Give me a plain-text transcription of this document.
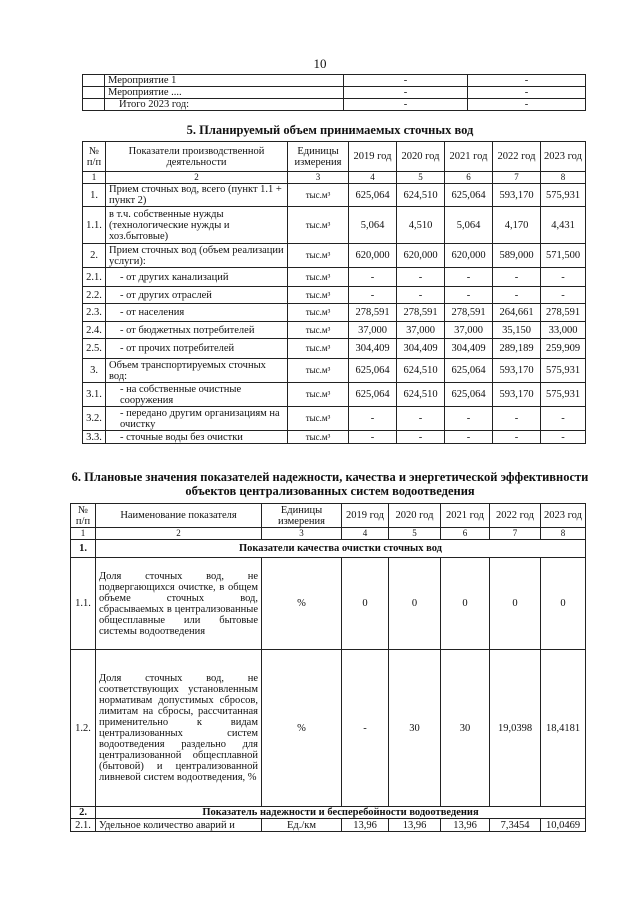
10
	Мероприятие 1	-	-
	Мероприятие ....	-	-
	Итого 2023 год:	-	-
5. Планируемый объем принимаемых сточных вод
№ п/п	Показатели производственной деятельности	Единицы измерения	2019 год	2020 год	2021 год	2022 год	2023 год
1	2	3	4	5	6	7	8
1.	Прием сточных вод, всего (пункт 1.1 + пункт 2)	тыс.м³	625,064	624,510	625,064	593,170	575,931
1.1.	в т.ч. собственные нужды (технологические нужды и хоз.бытовые)	тыс.м³	5,064	4,510	5,064	4,170	4,431
2.	Прием сточных вод (объем реализации услуги):	тыс.м³	620,000	620,000	620,000	589,000	571,500
2.1.	- от других канализаций	тыс.м³	-	-	-	-	-
2.2.	- от других отраслей	тыс.м³	-	-	-	-	-
2.3.	- от населения	тыс.м³	278,591	278,591	278,591	264,661	278,591
2.4.	- от бюджетных потребителей	тыс.м³	37,000	37,000	37,000	35,150	33,000
2.5.	- от прочих потребителей	тыс.м³	304,409	304,409	304,409	289,189	259,909
3.	Объем транспортируемых сточных вод:	тыс.м³	625,064	624,510	625,064	593,170	575,931
3.1.	- на собственные очистные сооружения	тыс.м³	625,064	624,510	625,064	593,170	575,931
3.2.	- передано другим организациям на очистку	тыс.м³	-	-	-	-	-
3.3.	- сточные воды без очистки	тыс.м³	-	-	-	-	-
6. Плановые значения показателей надежности, качества и энергетической эффективности объектов централизованных систем водоотведения
№ п/п	Наименование показателя	Единицы измерения	2019 год	2020 год	2021 год	2022 год	2023 год
1	2	3	4	5	6	7	8
1.	Показатели качества очистки сточных вод						
1.1.	Доля сточных вод, не подвергающихся очистке, в общем объеме сточных вод, сбрасываемых в централизованные общесплавные или бытовые системы водоотведения	%	0	0	0	0	0
1.2.	Доля сточных вод, не соответствующих установленным нормативам допустимых сбросов, лимитам на сбросы, рассчитанная применительно к видам централизованных систем водоотведения раздельно для централизованной общесплавной (бытовой) и централизованной ливневой систем водоотведения, %	%	-	30	30	19,0398	18,4181
2.	Показатель надежности и бесперебойности водоотведения						
2.1.	Удельное количество аварий и	Ед./км	13,96	13,96	13,96	7,3454	10,0469
